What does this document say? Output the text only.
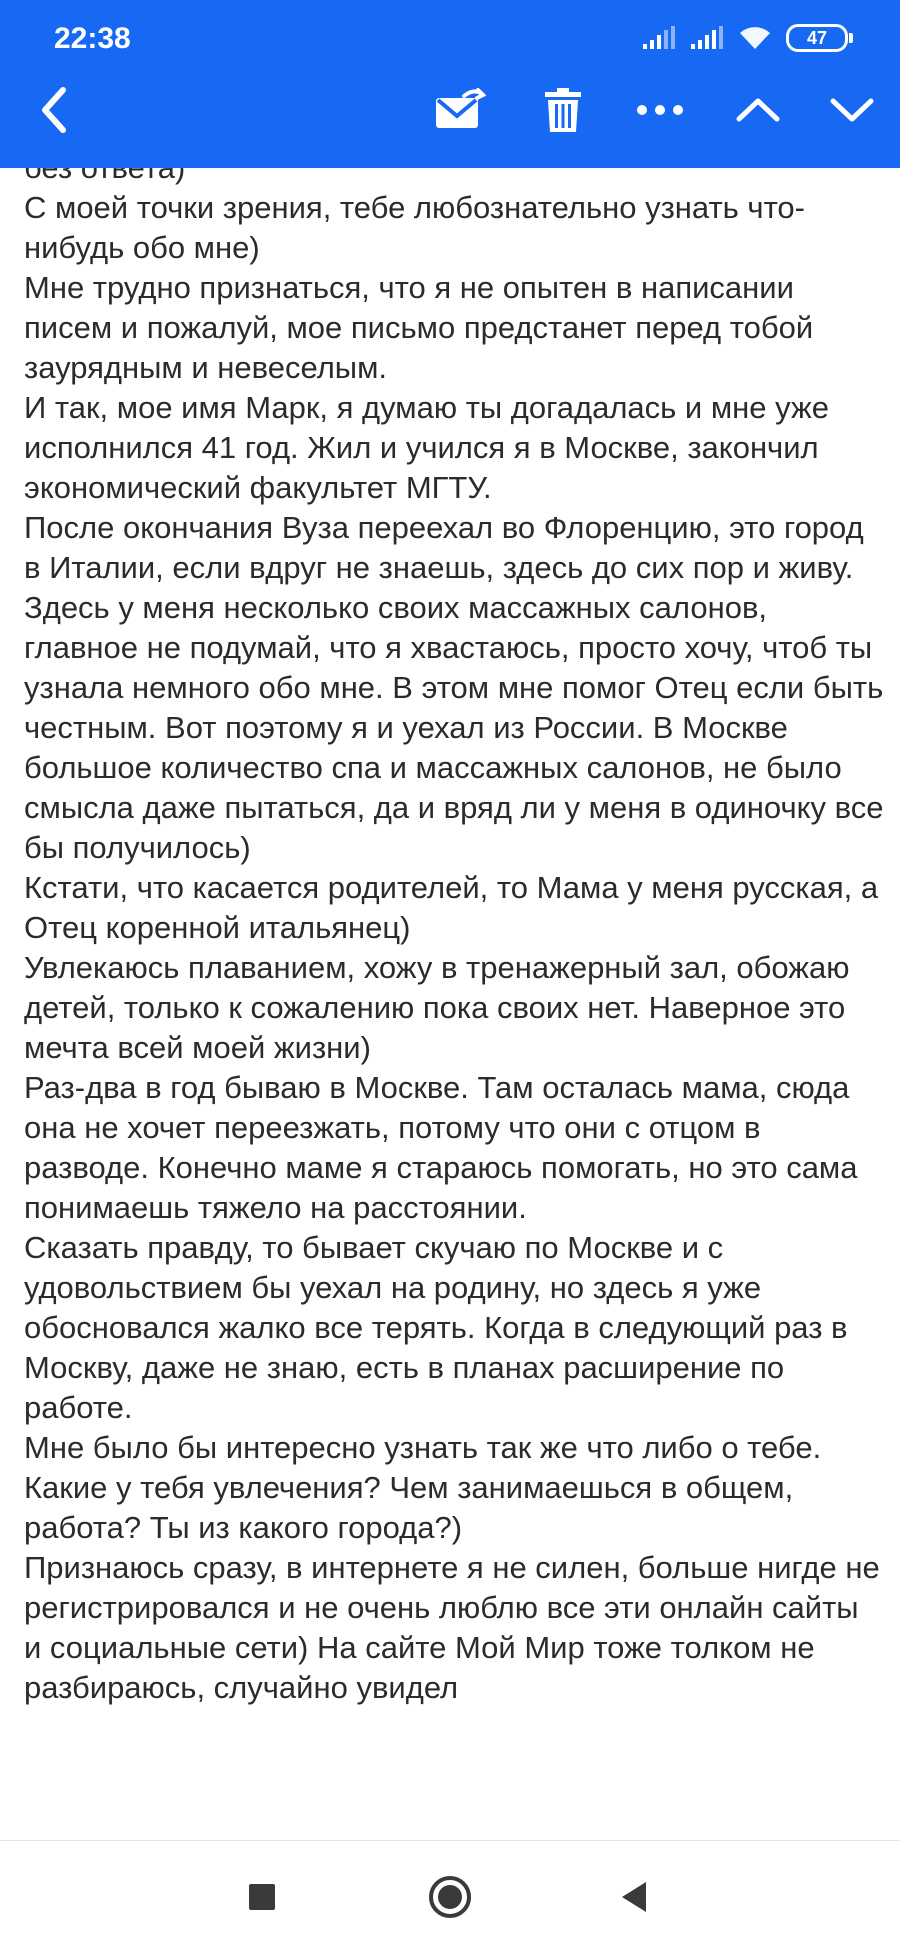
22:38	47

С моей точки зрения, тебе любознательно узнать что-нибудь обо мне)

Мне трудно признаться, что я не опытен в написании писем и пожалуй, мое письмо предстанет перед тобой заурядным и невеселым.

И так, мое имя Марк, я думаю ты догадалась и мне уже исполнился 41 год. Жил и учился я в Москве, закончил экономический факультет МГТУ.

После окончания Вуза переехал во Флоренцию, это город в Италии, если вдруг не знаешь, здесь до сих пор и живу.

Здесь у меня несколько своих массажных салонов, главное не подумай, что я хвастаюсь, просто хочу, чтоб ты узнала немного обо мне. В этом мне помог Отец если быть честным. Вот поэтому я и уехал из России. В Москве большое количество спа и массажных салонов, не было смысла даже пытаться, да и вряд ли у меня в одиночку все бы получилось)

Кстати, что касается родителей, то Мама у меня русская, а Отец коренной итальянец)

Увлекаюсь плаванием, хожу в тренажерный зал, обожаю детей, только к сожалению пока своих нет. Наверное это мечта всей моей жизни)

Раз-два в год бываю в Москве. Там осталась мама, сюда она не хочет переезжать, потому что они с отцом в разводе. Конечно маме я стараюсь помогать, но это сама понимаешь тяжело на расстоянии.

Сказать правду, то бывает скучаю по Москве и с удовольствием бы уехал на родину, но здесь я уже обосновался жалко все терять. Когда в следующий раз в Москву, даже не знаю, есть в планах расширение по работе.

Мне было бы интересно узнать так же что либо о тебе. Какие у тебя увлечения? Чем занимаешься в общем, работа? Ты из какого города?)

Признаюсь сразу, в интернете я не силен, больше нигде не регистрировался и не очень люблю все эти онлайн сайты и социальные сети) На сайте Мой Мир тоже толком не разбираюсь, случайно увидел
